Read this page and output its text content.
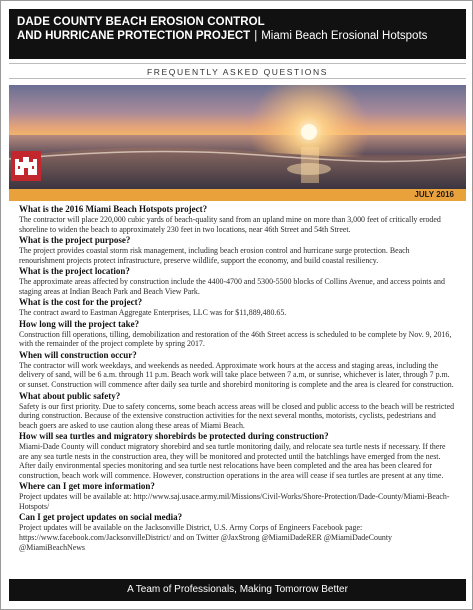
DADE COUNTY BEACH EROSION CONTROL
AND HURRICANE PROTECTION PROJECT | Miami Beach Erosional Hotspots
FREQUENTLY ASKED QUESTIONS
JULY 2016

What is the 2016 Miami Beach Hotspots project?

The contractor will place 220,000 cubic yards of beach-quality sand from an upland mine on more than 3,000 feet of critically eroded shoreline to widen the beach to approximately 230 feet in two locations, near 46th Street and 54th Street.

What is the project purpose?

The project provides coastal storm risk management, including beach erosion control and hurricane surge protection. Beach renourishment projects protect infrastructure, preserve wildlife, support the economy, and build coastal resiliency.

What is the project location?

The approximate areas affected by construction include the 4400-4700 and 5300-5500 blocks of Collins Avenue, and access points and staging areas at Indian Beach Park and Beach View Park.

What is the cost for the project?

The contract award to Eastman Aggregate Enterprises, LLC was for $11,889,480.65.

How long will the project take?

Construction fill operations, tilling, demobilization and restoration of the 46th Street access is scheduled to be complete by Nov. 9, 2016, with the remainder of the project complete by spring 2017.

When will construction occur?

The contractor will work weekdays, and weekends as needed. Approximate work hours at the access and staging areas, including the delivery of sand, will be 6 a.m. through 11 p.m. Beach work will take place between 7 a.m, or sunrise, whichever is later, through 7 p.m. or sunset. Construction will commence after daily sea turtle and shorebird monitoring is complete and the area is cleared for construction.

What about public safety?

Safety is our first priority. Due to safety concerns, some beach access areas will be closed and public access to the beach will be restricted during construction. Because of the extensive construction activities for the next several months, motorists, cyclists, pedestrians and beach goers are asked to use caution along these areas of Miami Beach.

How will sea turtles and migratory shorebirds be protected during construction?

Miami-Dade County will conduct migratory shorebird and sea turtle monitoring daily, and relocate sea turtle nests if necessary. If there are any sea turtle nests in the construction area, they will be monitored and protected until the batchlings have emerged from the nest. After daily environmental species monitoring and sea turtle nest relocations have been completed and the area has been cleared for construction, beach work will commence. However, construction operations in the area will cease if sea turtles are present at any time.

Where can I get more information?

Project updates will be available at: http://www.saj.usace.army.mil/Missions/Civil-Works/Shore-Protection/Dade-County/Miami-Beach-Hotspots/

Can I get project updates on social media?

Project updates will be available on the Jacksonville District, U.S. Army Corps of Engineers Facebook page: https://www.facebook.com/JacksonvilleDistrict/ and on Twitter @JaxStrong @MiamiDadeRER @MiamiDadeCounty @MiamiBeachNews

A Team of Professionals, Making Tomorrow Better
